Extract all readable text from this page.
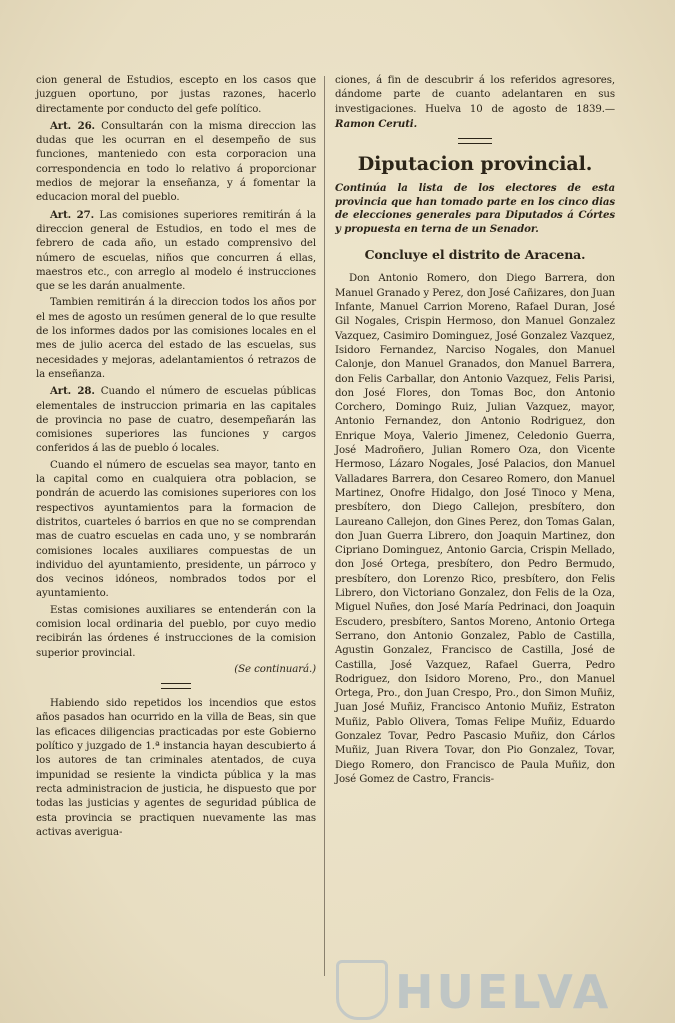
cion general de Estudios, escepto en los casos que juzguen oportuno, por justas razones, hacerlo directamente por conducto del gefe político.

Art. 26. Consultarán con la misma direccion las dudas que les ocurran en el desempeño de sus funciones, manteniedo con esta corporacion una correspondencia en todo lo relativo á proporcionar medios de mejorar la enseñanza, y á fomentar la educacion moral del pueblo.

Art. 27. Las comisiones superiores remitirán á la direccion general de Estudios, en todo el mes de febrero de cada año, un estado comprensivo del número de escuelas, niños que concurren á ellas, maestros etc., con arreglo al modelo é instrucciones que se les darán anualmente.

Tambien remitirán á la direccion todos los años por el mes de agosto un resúmen general de lo que resulte de los informes dados por las comisiones locales en el mes de julio acerca del estado de las escuelas, sus necesidades y mejoras, adelantamientos ó retrazos de la enseñanza.

Art. 28. Cuando el número de escuelas públicas elementales de instruccion primaria en las capitales de provincia no pase de cuatro, desempeñarán las comisiones superiores las funciones y cargos conferidos á las de pueblo ó locales.

Cuando el número de escuelas sea mayor, tanto en la capital como en cualquiera otra poblacion, se pondrán de acuerdo las comisiones superiores con los respectivos ayuntamientos para la formacion de distritos, cuarteles ó barrios en que no se comprendan mas de cuatro escuelas en cada uno, y se nombrarán comisiones locales auxiliares compuestas de un individuo del ayuntamiento, presidente, un párroco y dos vecinos idóneos, nombrados todos por el ayuntamiento.

Estas comisiones auxiliares se entenderán con la comision local ordinaria del pueblo, por cuyo medio recibirán las órdenes é instrucciones de la comision superior provincial.

(Se continuará.)

Habiendo sido repetidos los incendios que estos años pasados han ocurrido en la villa de Beas, sin que las eficaces diligencias practicadas por este Gobierno político y juzgado de 1.ª instancia hayan descubierto á los autores de tan criminales atentados, de cuya impunidad se resiente la vindicta pública y la mas recta administracion de justicia, he dispuesto que por todas las justicias y agentes de seguridad pública de esta provincia se practiquen nuevamente las mas activas averigua-

ciones, á fin de descubrir á los referidos agresores, dándome parte de cuanto adelantaren en sus investigaciones. Huelva 10 de agosto de 1839.—Ramon Ceruti.

Diputacion provincial.
Continúa la lista de los electores de esta provincia que han tomado parte en los cinco dias de elecciones generales para Diputados á Córtes y propuesta en terna de un Senador.
Concluye el distrito de Aracena.

Don Antonio Romero, don Diego Barrera, don Manuel Granado y Perez, don José Cañizares, don Juan Infante, Manuel Carrion Moreno, Rafael Duran, José Gil Nogales, Crispin Hermoso, don Manuel Gonzalez Vazquez, Casimiro Dominguez, José Gonzalez Vazquez, Isidoro Fernandez, Narciso Nogales, don Manuel Calonje, don Manuel Granados, don Manuel Barrera, don Felis Carballar, don Antonio Vazquez, Felis Parisi, don José Flores, don Tomas Boc, don Antonio Corchero, Domingo Ruiz, Julian Vazquez, mayor, Antonio Fernandez, don Antonio Rodriguez, don Enrique Moya, Valerio Jimenez, Celedonio Guerra, José Madroñero, Julian Romero Oza, don Vicente Hermoso, Lázaro Nogales, José Palacios, don Manuel Valladares Barrera, don Cesareo Romero, don Manuel Martinez, Onofre Hidalgo, don José Tinoco y Mena, presbítero, don Diego Callejon, presbítero, don Laureano Callejon, don Gines Perez, don Tomas Galan, don Juan Guerra Librero, don Joaquin Martinez, don Cipriano Dominguez, Antonio Garcia, Crispin Mellado, don José Ortega, presbítero, don Pedro Bermudo, presbítero, don Lorenzo Rico, presbítero, don Felis Librero, don Victoriano Gonzalez, don Felis de la Oza, Miguel Nuñes, don José María Pedrinaci, don Joaquin Escudero, presbítero, Santos Moreno, Antonio Ortega Serrano, don Antonio Gonzalez, Pablo de Castilla, Agustin Gonzalez, Francisco de Castilla, José de Castilla, José Vazquez, Rafael Guerra, Pedro Rodriguez, don Isidoro Moreno, Pro., don Manuel Ortega, Pro., don Juan Crespo, Pro., don Simon Muñiz, Juan José Muñiz, Francisco Antonio Muñiz, Estraton Muñiz, Pablo Olivera, Tomas Felipe Muñiz, Eduardo Gonzalez Tovar, Pedro Pascasio Muñiz, don Cárlos Muñiz, Juan Rivera Tovar, don Pio Gonzalez, Tovar, Diego Romero, don Francisco de Paula Muñiz, don José Gomez de Castro, Francis-

HUELVA
